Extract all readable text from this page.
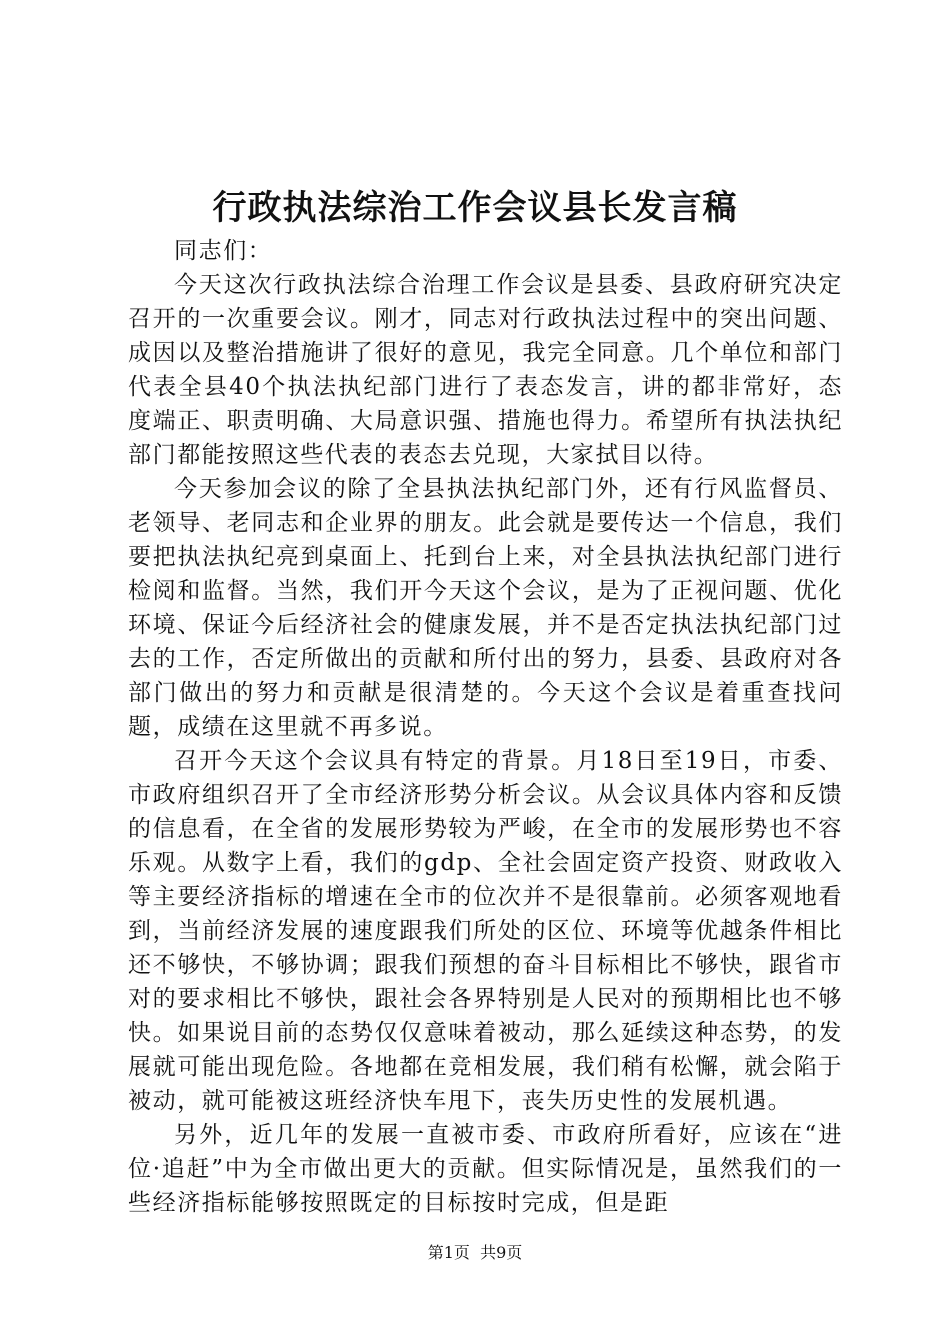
行政执法综治工作会议县长发言稿

同志们：

今天这次行政执法综合治理工作会议是县委、县政府研究决定召开的一次重要会议。刚才，同志对行政执法过程中的突出问题、成因以及整治措施讲了很好的意见，我完全同意。几个单位和部门代表全县40个执法执纪部门进行了表态发言，讲的都非常好，态度端正、职责明确、大局意识强、措施也得力。希望所有执法执纪部门都能按照这些代表的表态去兑现，大家拭目以待。

今天参加会议的除了全县执法执纪部门外，还有行风监督员、老领导、老同志和企业界的朋友。此会就是要传达一个信息，我们要把执法执纪亮到桌面上、托到台上来，对全县执法执纪部门进行检阅和监督。当然，我们开今天这个会议，是为了正视问题、优化环境、保证今后经济社会的健康发展，并不是否定执法执纪部门过去的工作，否定所做出的贡献和所付出的努力，县委、县政府对各部门做出的努力和贡献是很清楚的。今天这个会议是着重查找问题，成绩在这里就不再多说。

召开今天这个会议具有特定的背景。月18日至19日，市委、市政府组织召开了全市经济形势分析会议。从会议具体内容和反馈的信息看，在全省的发展形势较为严峻，在全市的发展形势也不容乐观。从数字上看，我们的gdp、全社会固定资产投资、财政收入等主要经济指标的增速在全市的位次并不是很靠前。必须客观地看到，当前经济发展的速度跟我们所处的区位、环境等优越条件相比还不够快，不够协调；跟我们预想的奋斗目标相比不够快，跟省市对的要求相比不够快，跟社会各界特别是人民对的预期相比也不够快。如果说目前的态势仅仅意味着被动，那么延续这种态势，的发展就可能出现危险。各地都在竞相发展，我们稍有松懈，就会陷于被动，就可能被这班经济快车甩下，丧失历史性的发展机遇。

另外，近几年的发展一直被市委、市政府所看好，应该在“进位·追赶”中为全市做出更大的贡献。但实际情况是，虽然我们的一些经济指标能够按照既定的目标按时完成，但是距

第1页  共9页
